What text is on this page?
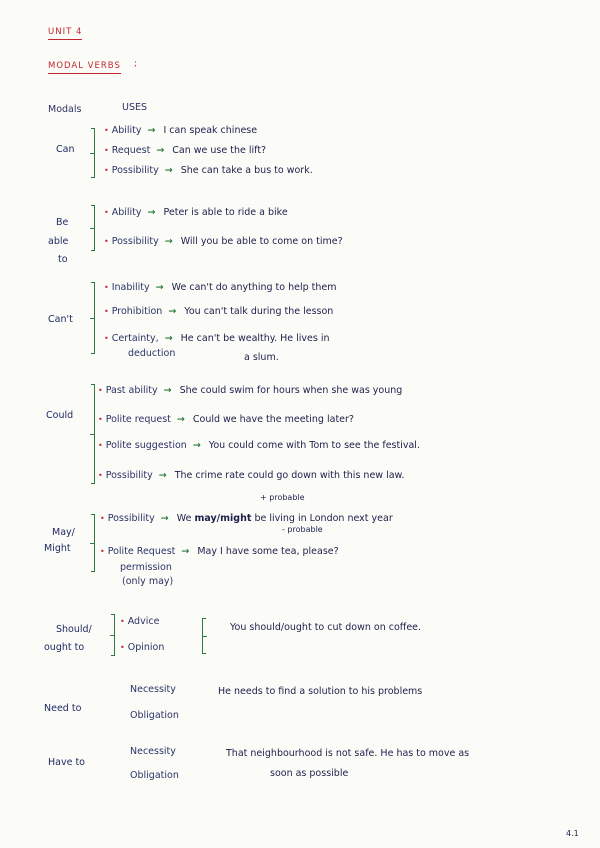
UNIT 4
MODAL VERBS ;
Modals	USES
Can
• Ability → I can speak chinese
• Request → Can we use the lift?
• Possibility → She can take a bus to work.
Be
able
to
• Ability → Peter is able to ride a bike
• Possibility → Will you be able to come on time?
Can't
• Inability → We can't do anything to help them
• Prohibition → You can't talk during the lesson
• Certainty, → He can't be wealthy. He lives in
deduction	a slum.
Could
• Past ability → She could swim for hours when she was young
• Polite request → Could we have the meeting later?
• Polite suggestion → You could come with Tom to see the festival.
• Possibility → The crime rate could go down with this new law.
May/
Might
+ probable
• Possibility → We may/might be living in London next year
- probable
• Polite Request → May I have some tea, please?
permission
(only may)
Should/
ought to
• Advice
• Opinion
You should/ought to cut down on coffee.
Need to
Necessity
Obligation
He needs to find a solution to his problems
Have to
Necessity
Obligation
That neighbourhood is not safe. He has to move as
soon as possible
4.1
